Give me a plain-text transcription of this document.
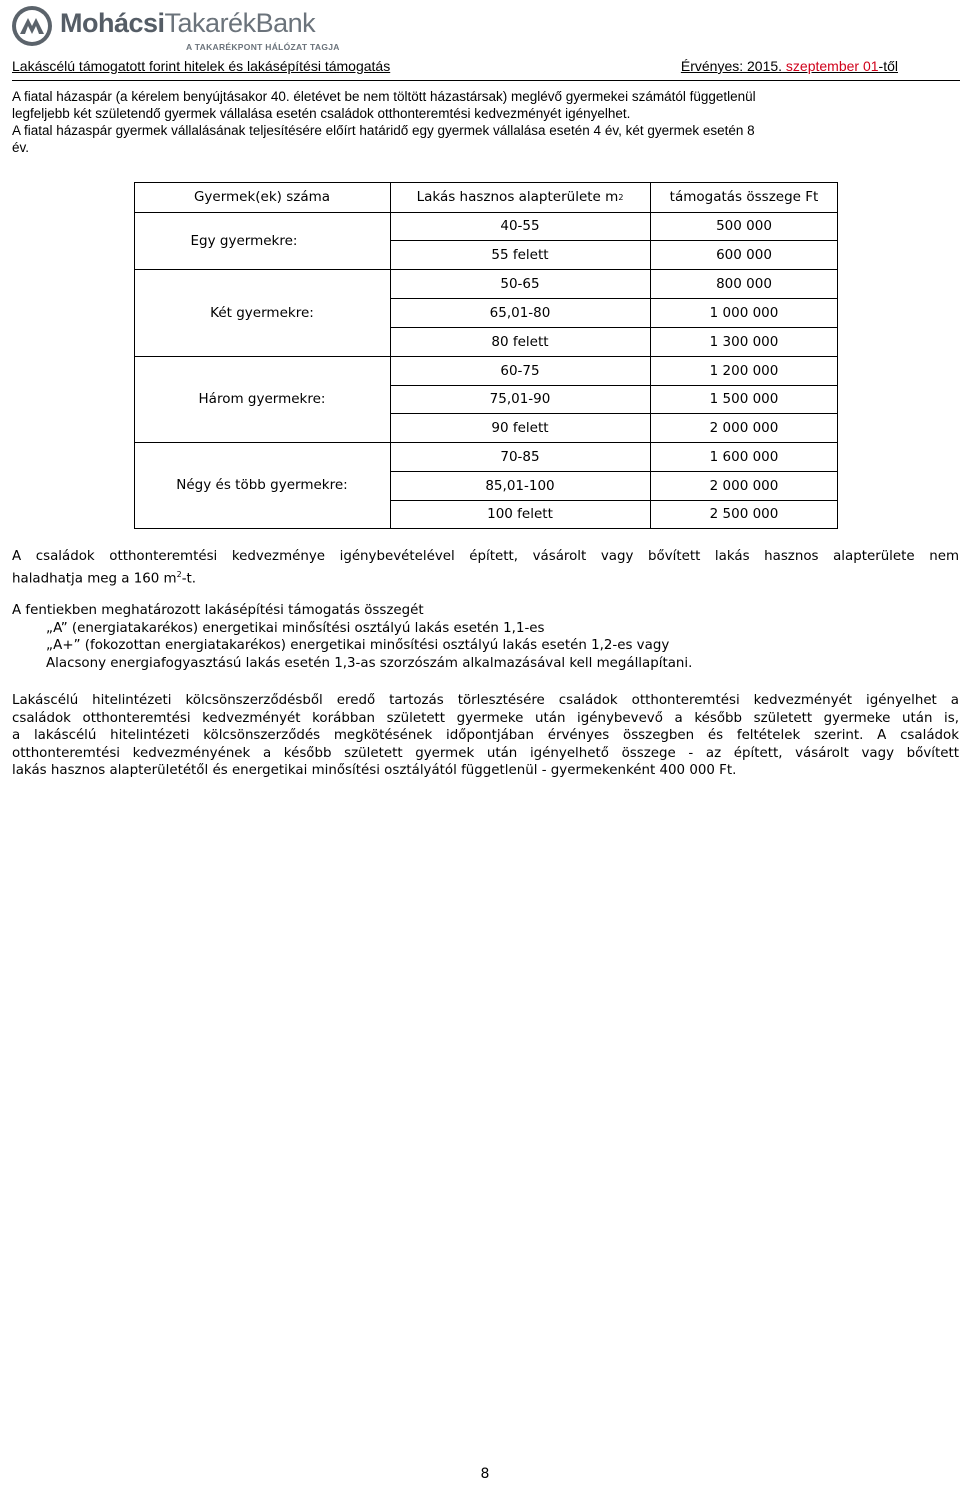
MohácsiTakarékBank
A TAKARÉKPONT HÁLÓZAT TAGJA
Lakáscélú támogatott forint hitelek és lakásépítési támogatás	Érvényes: 2015. szeptember 01-től
A fiatal házaspár (a kérelem benyújtásakor 40. életévet be nem töltött házastársak) meglévő gyermekei számától függetlenül
legfeljebb két születendő gyermek vállalása esetén családok otthonteremtési kedvezményét igényelhet.
A fiatal házaspár gyermek vállalásának teljesítésére előírt határidő egy gyermek vállalása esetén 4 év, két gyermek esetén 8
év.
Gyermek(ek) száma	Lakás hasznos alapterülete m 2	támogatás összege Ft
Egy gyermekre:
40-55	500 000
55 felett	600 000
Két gyermekre:
50-65	800 000
65,01-80	1 000 000
80 felett	1 300 000
Három gyermekre:
60-75	1 200 000
75,01-90	1 500 000
90 felett	2 000 000
Négy és több gyermekre:
70-85	1 600 000
85,01-100	2 000 000
100 felett	2 500 000
A családok otthonteremtési kedvezménye igénybevételével épített, vásárolt vagy bővített lakás hasznos alapterülete nem
haladhatja meg a 160 $m^2-t$.
A fentiekben meghatározott lakásépítési támogatás összegét
„A” (energiatakarékos) energetikai minősítési osztályú lakás esetén 1,1-es
„A+” (fokozottan energiatakarékos) energetikai minősítési osztályú lakás esetén 1,2-es vagy
Alacsony energiafogyasztású lakás esetén 1,3-as szorzószám alkalmazásával kell megállapítani.
Lakáscélú hitelintézeti kölcsönszerződésből eredő tartozás törlesztésére családok otthonteremtési kedvezményét igényelhet a
családok otthonteremtési kedvezményét korábban született gyermeke után igénybevevő a később született gyermeke után is,
a lakáscélú hitelintézeti kölcsönszerződés megkötésének időpontjában érvényes összegben és feltételek szerint. A családok
otthonteremtési kedvezményének a később született gyermek után igényelhető összege - az épített, vásárolt vagy bővített
lakás hasznos alapterületétől és energetikai minősítési osztályától függetlenül - gyermekenként 400 000 Ft.
8
